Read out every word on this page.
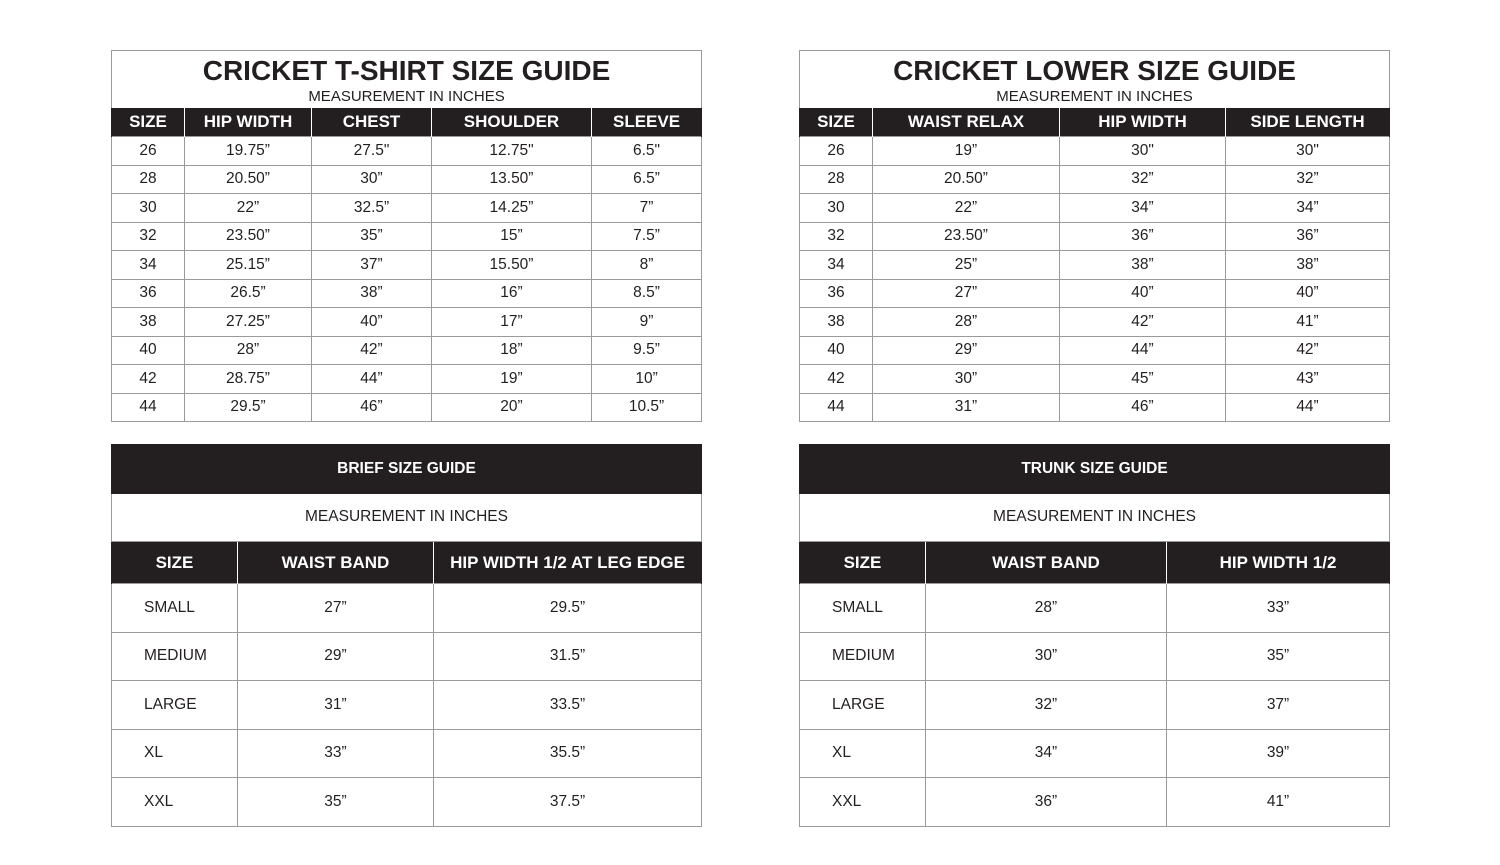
CRICKET T-SHIRT SIZE GUIDE
MEASUREMENT IN INCHES				

SIZE	HIP WIDTH	CHEST	SHOULDER	SLEEVE
26	19.75”	27.5"	12.75"	6.5"
28	20.50”	30”	13.50”	6.5”
30	22”	32.5”	14.25”	7”
32	23.50”	35”	15”	7.5”
34	25.15”	37”	15.50”	8”
36	26.5”	38”	16”	8.5”
38	27.25”	40”	17”	9”
40	28”	42”	18”	9.5”
42	28.75”	44”	19”	10”
44	29.5”	46”	20”	10.5”
CRICKET LOWER SIZE GUIDE
MEASUREMENT IN INCHES			

SIZE	WAIST RELAX	HIP WIDTH	SIDE LENGTH
26	19”	30"	30"
28	20.50”	32”	32”
30	22”	34”	34”
32	23.50”	36”	36”
34	25”	38”	38”
36	27”	40”	40”
38	28”	42”	41”
40	29”	44”	42”
42	30”	45”	43”
44	31”	46”	44”
BRIEF SIZE GUIDE		
MEASUREMENT IN INCHES		
SIZE	WAIST BAND	HIP WIDTH 1/2 AT LEG EDGE
SMALL	27”	29.5”
MEDIUM	29”	31.5”
LARGE	31”	33.5”
XL	33”	35.5”
XXL	35”	37.5”
TRUNK SIZE GUIDE		
MEASUREMENT IN INCHES		
SIZE	WAIST BAND	HIP WIDTH 1/2
SMALL	28”	33”
MEDIUM	30”	35”
LARGE	32”	37”
XL	34”	39”
XXL	36”	41”
